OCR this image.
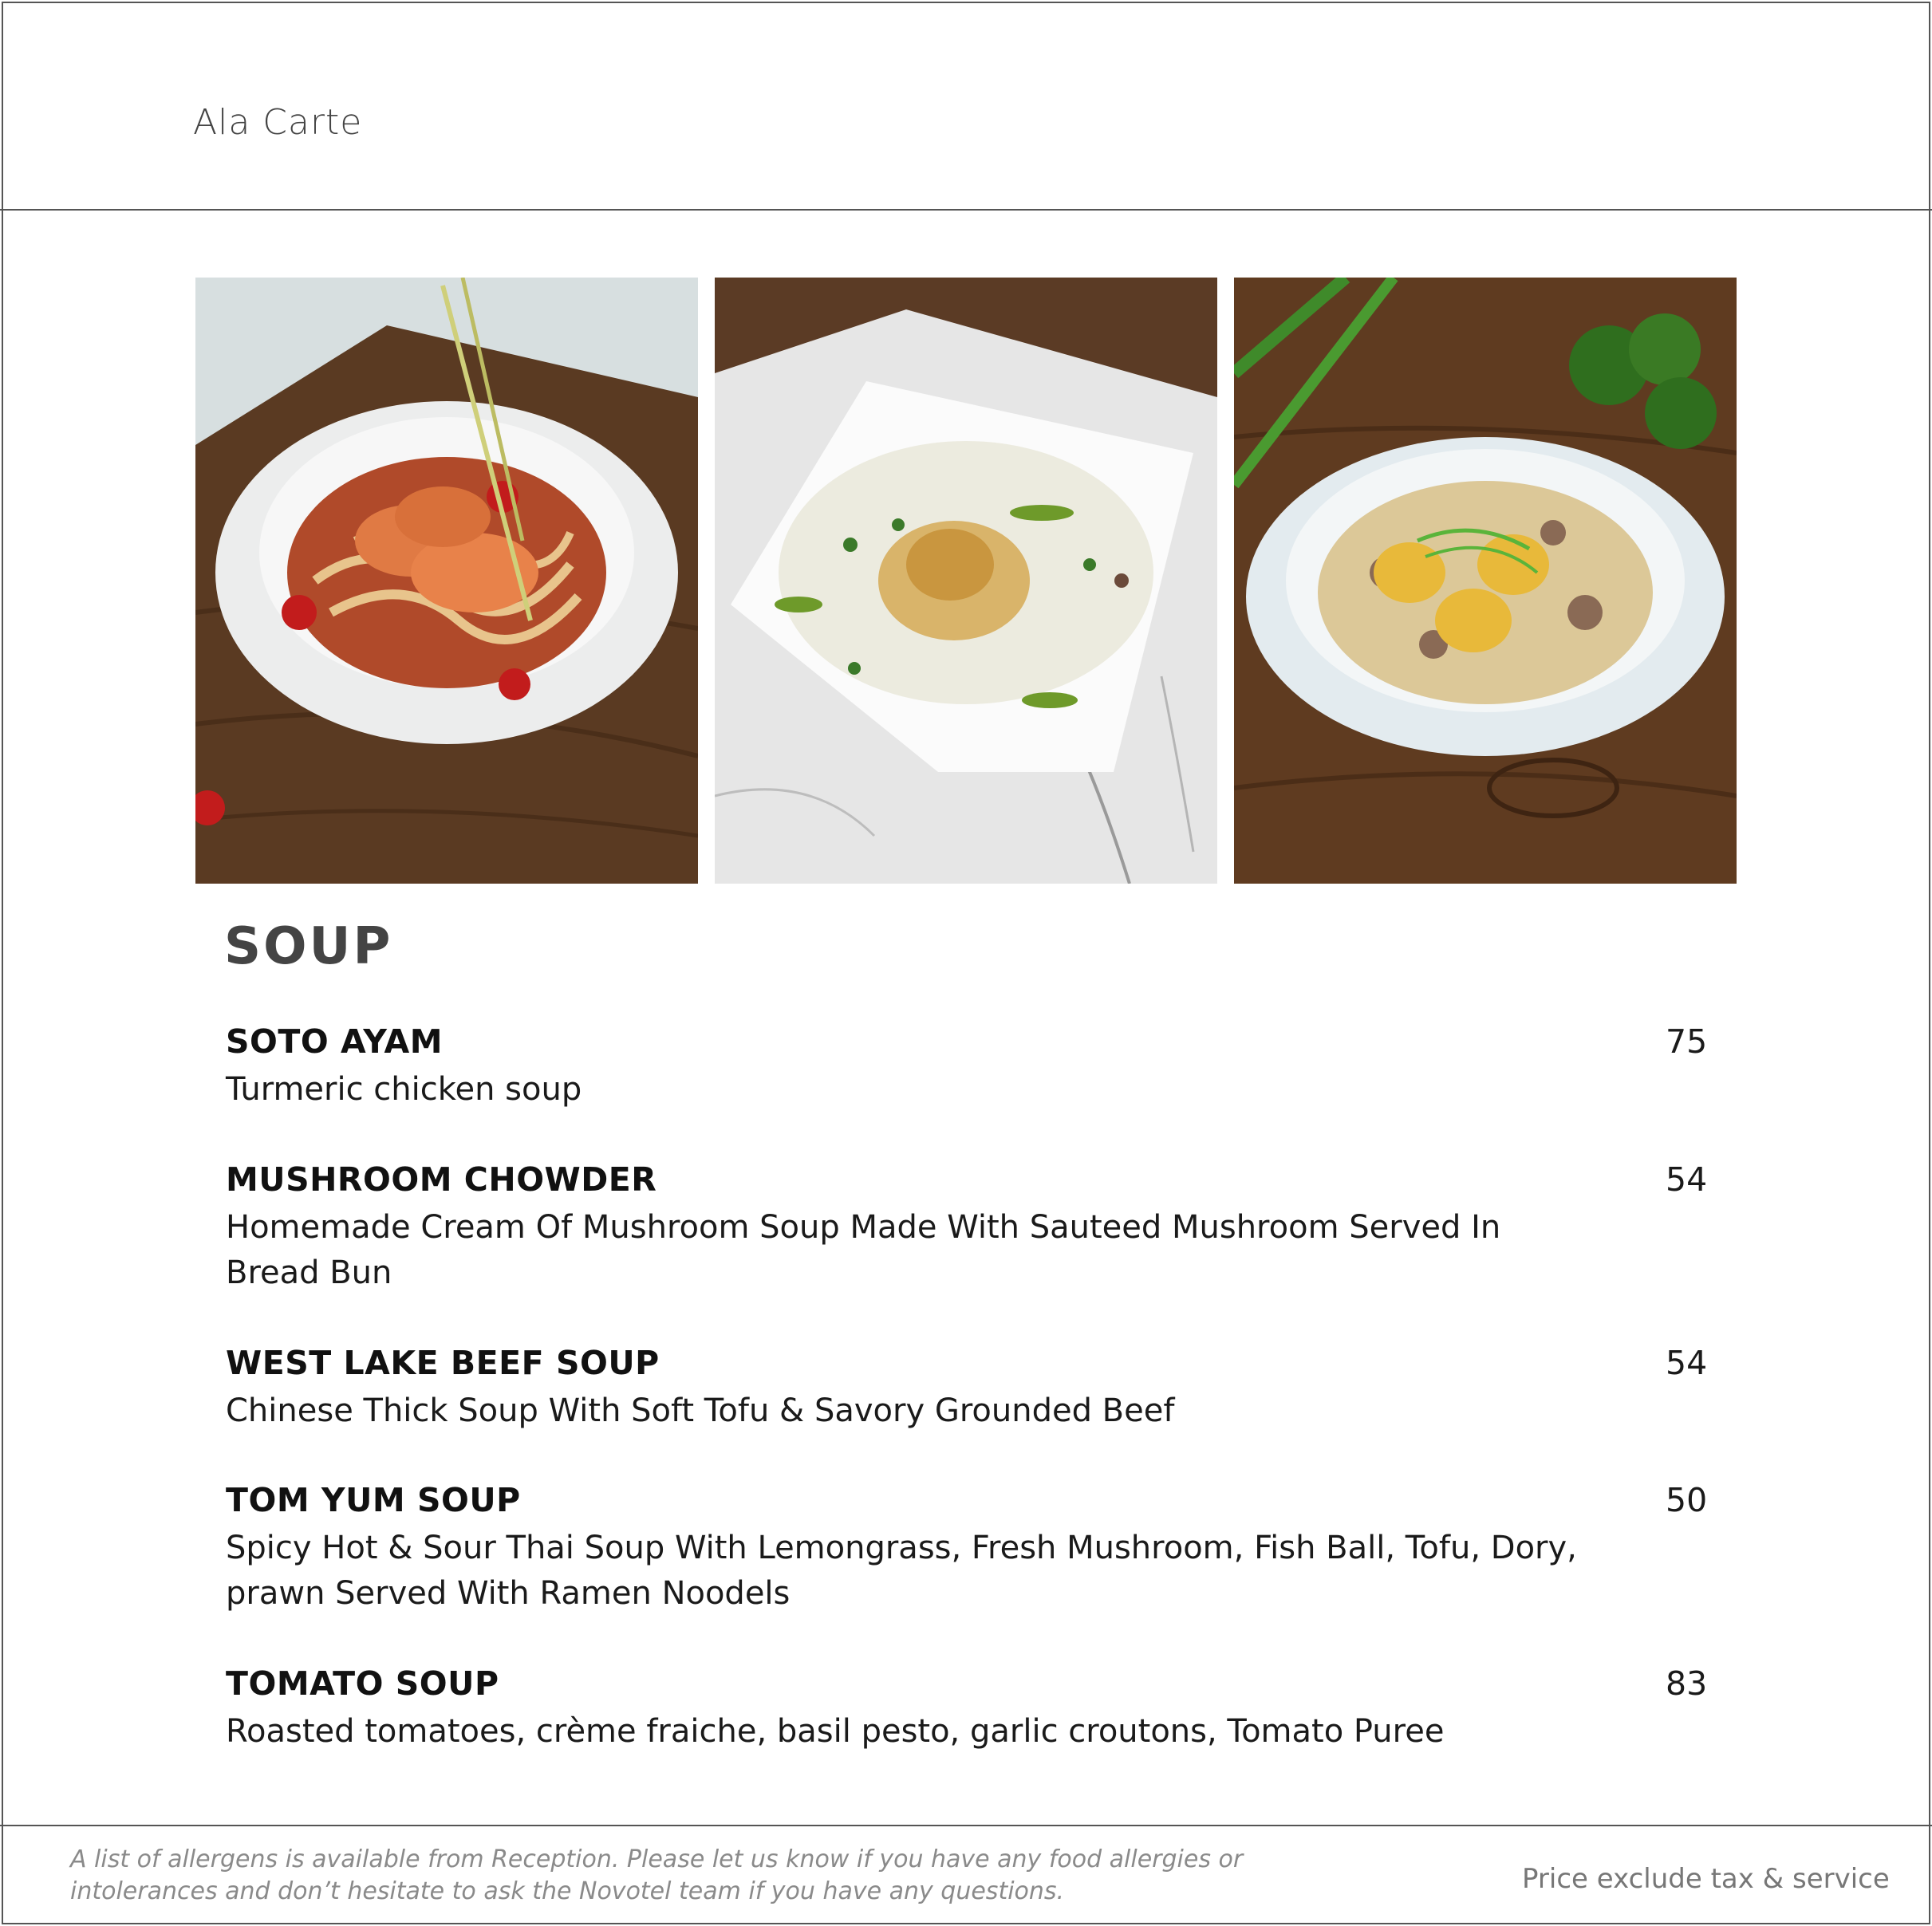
Ala Carte
SOUP
SOTO AYAM
Turmeric chicken soup
75
MUSHROOM CHOWDER
Homemade Cream Of Mushroom Soup Made With Sauteed Mushroom Served In Bread Bun
54
WEST LAKE BEEF SOUP
Chinese Thick Soup With Soft Tofu & Savory Grounded Beef
54
TOM YUM SOUP
Spicy Hot & Sour Thai Soup With Lemongrass, Fresh Mushroom, Fish Ball, Tofu, Dory, prawn Served With Ramen Noodels
50
TOMATO SOUP
Roasted tomatoes, crème fraiche, basil pesto, garlic croutons, Tomato Puree
83
A list of allergens is available from Reception. Please let us know if you have any food allergies or intolerances and don’t hesitate to ask the Novotel team if you have any questions.	Price exclude tax & service
